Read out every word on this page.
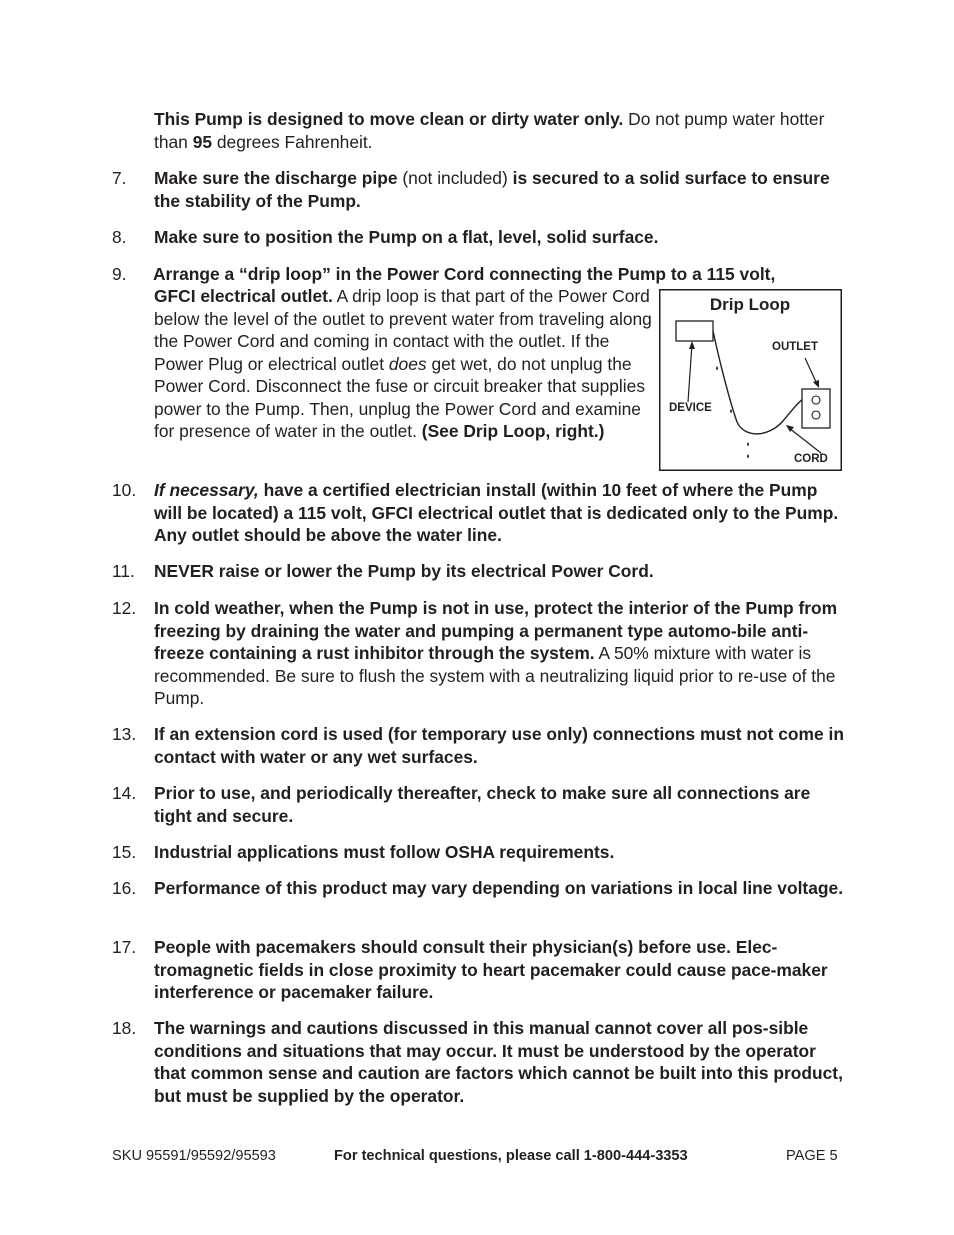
This Pump is designed to move clean or dirty water only. Do not pump water hotter than 95 degrees Fahrenheit.
7. Make sure the discharge pipe (not included) is secured to a solid surface to ensure the stability of the Pump.
8. Make sure to position the Pump on a flat, level, solid surface.
9. Arrange a “drip loop” in the Power Cord connecting the Pump to a 115 volt,
GFCI electrical outlet. A drip loop is that part of the Power Cord below the level of the outlet to prevent water from traveling along the Power Cord and coming in contact with the outlet. If the Power Plug or electrical outlet does get wet, do not unplug the Power Cord. Disconnect the fuse or circuit breaker that supplies power to the Pump. Then, unplug the Power Cord and examine for presence of water in the outlet. (See Drip Loop, right.)
Drip Loop
OUTLET
DEVICE
CORD
10. If necessary, have a certified electrician install (within 10 feet of where the Pump will be located) a 115 volt, GFCI electrical outlet that is dedicated only to the Pump. Any outlet should be above the water line.
11. NEVER raise or lower the Pump by its electrical Power Cord.
12. In cold weather, when the Pump is not in use, protect the interior of the Pump from freezing by draining the water and pumping a permanent type automo-bile anti-freeze containing a rust inhibitor through the system. A 50% mixture with water is recommended. Be sure to flush the system with a neutralizing liquid prior to re-use of the Pump.
13. If an extension cord is used (for temporary use only) connections must not come in contact with water or any wet surfaces.
14. Prior to use, and periodically thereafter, check to make sure all connections are tight and secure.
15. Industrial applications must follow OSHA requirements.
16. Performance of this product may vary depending on variations in local line voltage.
17. People with pacemakers should consult their physician(s) before use. Elec-tromagnetic fields in close proximity to heart pacemaker could cause pace-maker interference or pacemaker failure.
18. The warnings and cautions discussed in this manual cannot cover all pos-sible conditions and situations that may occur. It must be understood by the operator that common sense and caution are factors which cannot be built into this product, but must be supplied by the operator.
SKU 95591/95592/95593	For technical questions, please call 1-800-444-3353	PAGE 5
